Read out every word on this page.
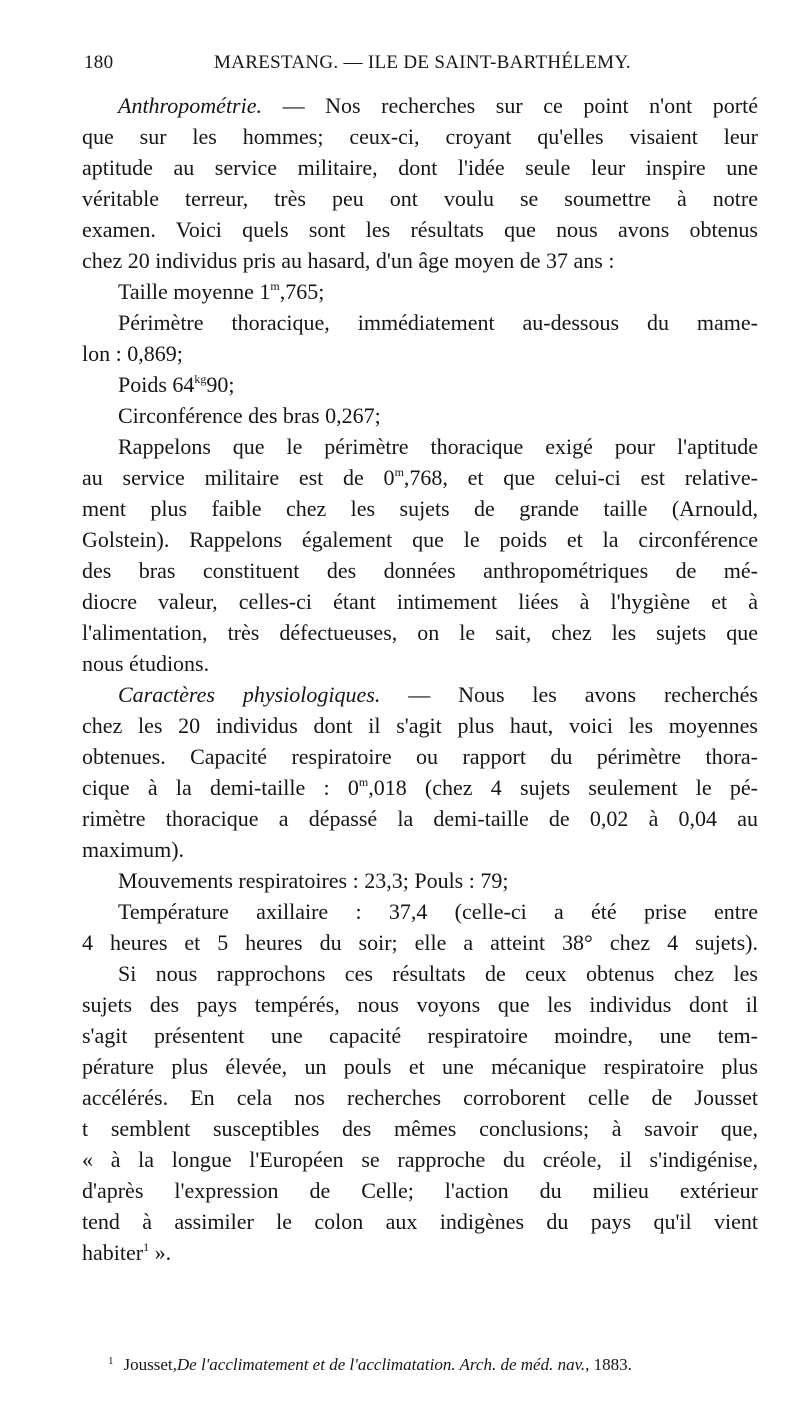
180	MARESTANG. — ILE DE SAINT-BARTHÉLEMY.
Anthropométrie. — Nos recherches sur ce point n'ont porté
que sur les hommes; ceux-ci, croyant qu'elles visaient leur
aptitude au service militaire, dont l'idée seule leur inspire une
véritable terreur, très peu ont voulu se soumettre à notre
examen. Voici quels sont les résultats que nous avons obtenus
chez 20 individus pris au hasard, d'un âge moyen de 37 ans :
Taille moyenne 1$^m$,765;
Périmètre thoracique, immédiatement au-dessous du mame-
lon : 0,869;
Poids $64^{kg}90$;
Circonférence des bras 0,267;
Rappelons que le périmètre thoracique exigé pour l'aptitude
au service militaire est de 0$^m$,768, et que celui-ci est relative-
ment plus faible chez les sujets de grande taille (Arnould,
Golstein). Rappelons également que le poids et la circonférence
des bras constituent des données anthropométriques de mé-
diocre valeur, celles-ci étant intimement liées à l'hygiène et à
l'alimentation, très défectueuses, on le sait, chez les sujets que
nous étudions.
Caractères physiologiques. — Nous les avons recherchés
chez les 20 individus dont il s'agit plus haut, voici les moyennes
obtenues. Capacité respiratoire ou rapport du périmètre thora-
cique à la demi-taille : 0$^m$,018 (chez 4 sujets seulement le pé-
rimètre thoracique a dépassé la demi-taille de 0,02 à 0,04 au
maximum).
Mouvements respiratoires : 23,3; Pouls : 79;
Température axillaire : 37,4 (celle-ci a été prise entre
4 heures et 5 heures du soir; elle a atteint 38° chez 4 sujets).
Si nous rapprochons ces résultats de ceux obtenus chez les
sujets des pays tempérés, nous voyons que les individus dont il
s'agit présentent une capacité respiratoire moindre, une tem-
pérature plus élevée, un pouls et une mécanique respiratoire plus
accélérés. En cela nos recherches corroborent celle de Jousset
t semblent susceptibles des mêmes conclusions; à savoir que,
« à la longue l'Européen se rapproche du créole, il s'indigénise,
d'après l'expression de Celle; l'action du milieu extérieur
tend à assimiler le colon aux indigènes du pays qu'il vient
habiter$^1$ ».
$^1$ Jousset,De l'acclimatement et de l'acclimatation. Arch. de méd. nav., 1883.
